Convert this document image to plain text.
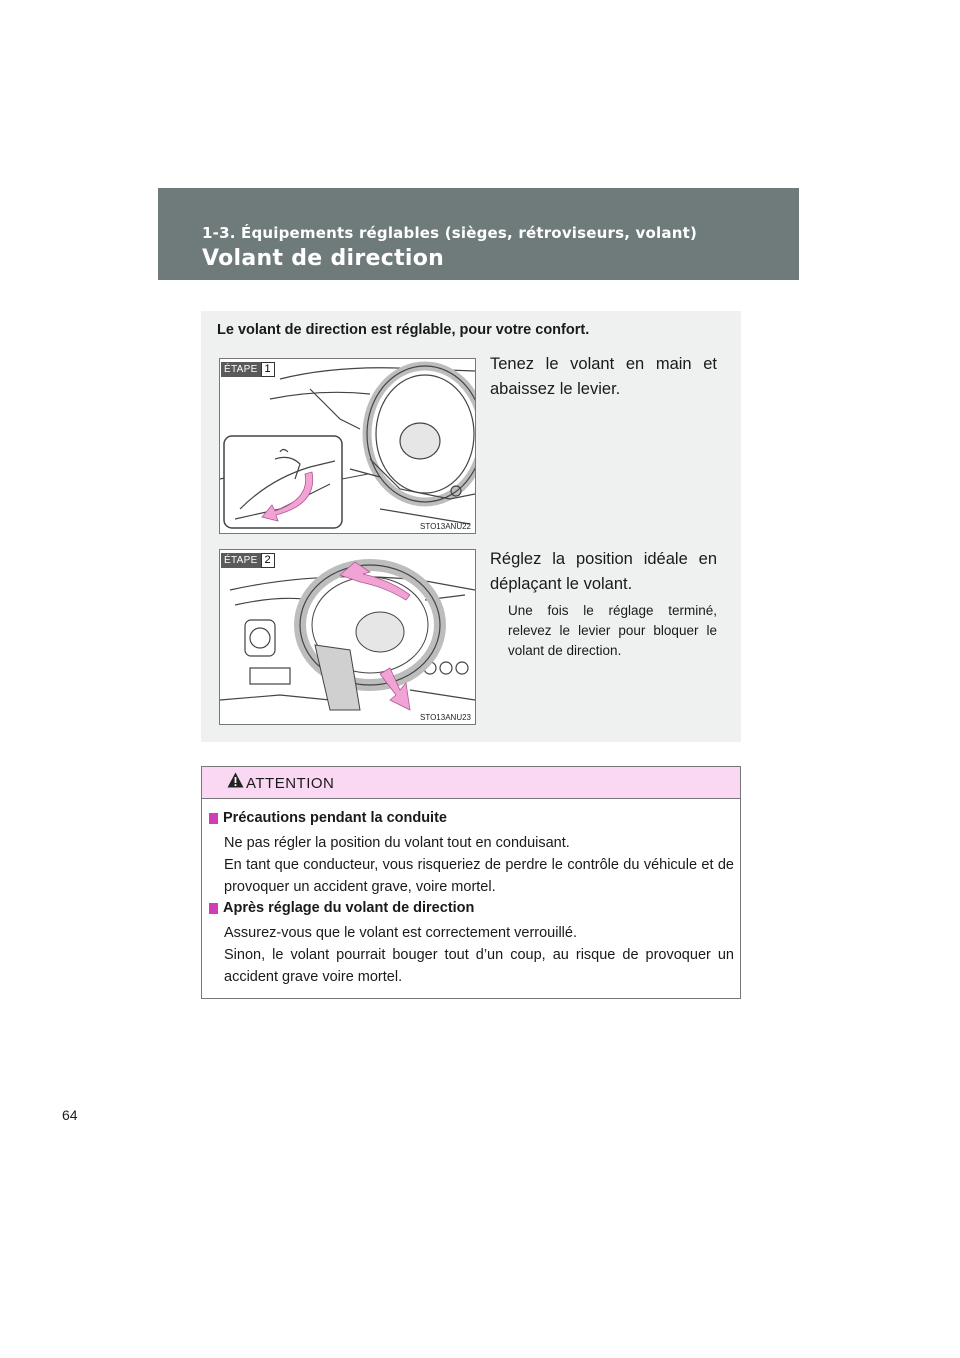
1-3. Équipements réglables (sièges, rétroviseurs, volant)
Volant de direction
Le volant de direction est réglable, pour votre confort.
ÉTAPE 1
STO13ANU22
Tenez le volant en main et abaissez le levier.
ÉTAPE 2
STO13ANU23
Réglez la position idéale en déplaçant le volant.
Une fois le réglage terminé, relevez le levier pour bloquer le volant de direction.
ATTENTION
Précautions pendant la conduite

Ne pas régler la position du volant tout en conduisant.

En tant que conducteur, vous risqueriez de perdre le contrôle du véhicule et de provoquer un accident grave, voire mortel.

Après réglage du volant de direction

Assurez-vous que le volant est correctement verrouillé.

Sinon, le volant pourrait bouger tout d’un coup, au risque de provoquer un accident grave voire mortel.

64
